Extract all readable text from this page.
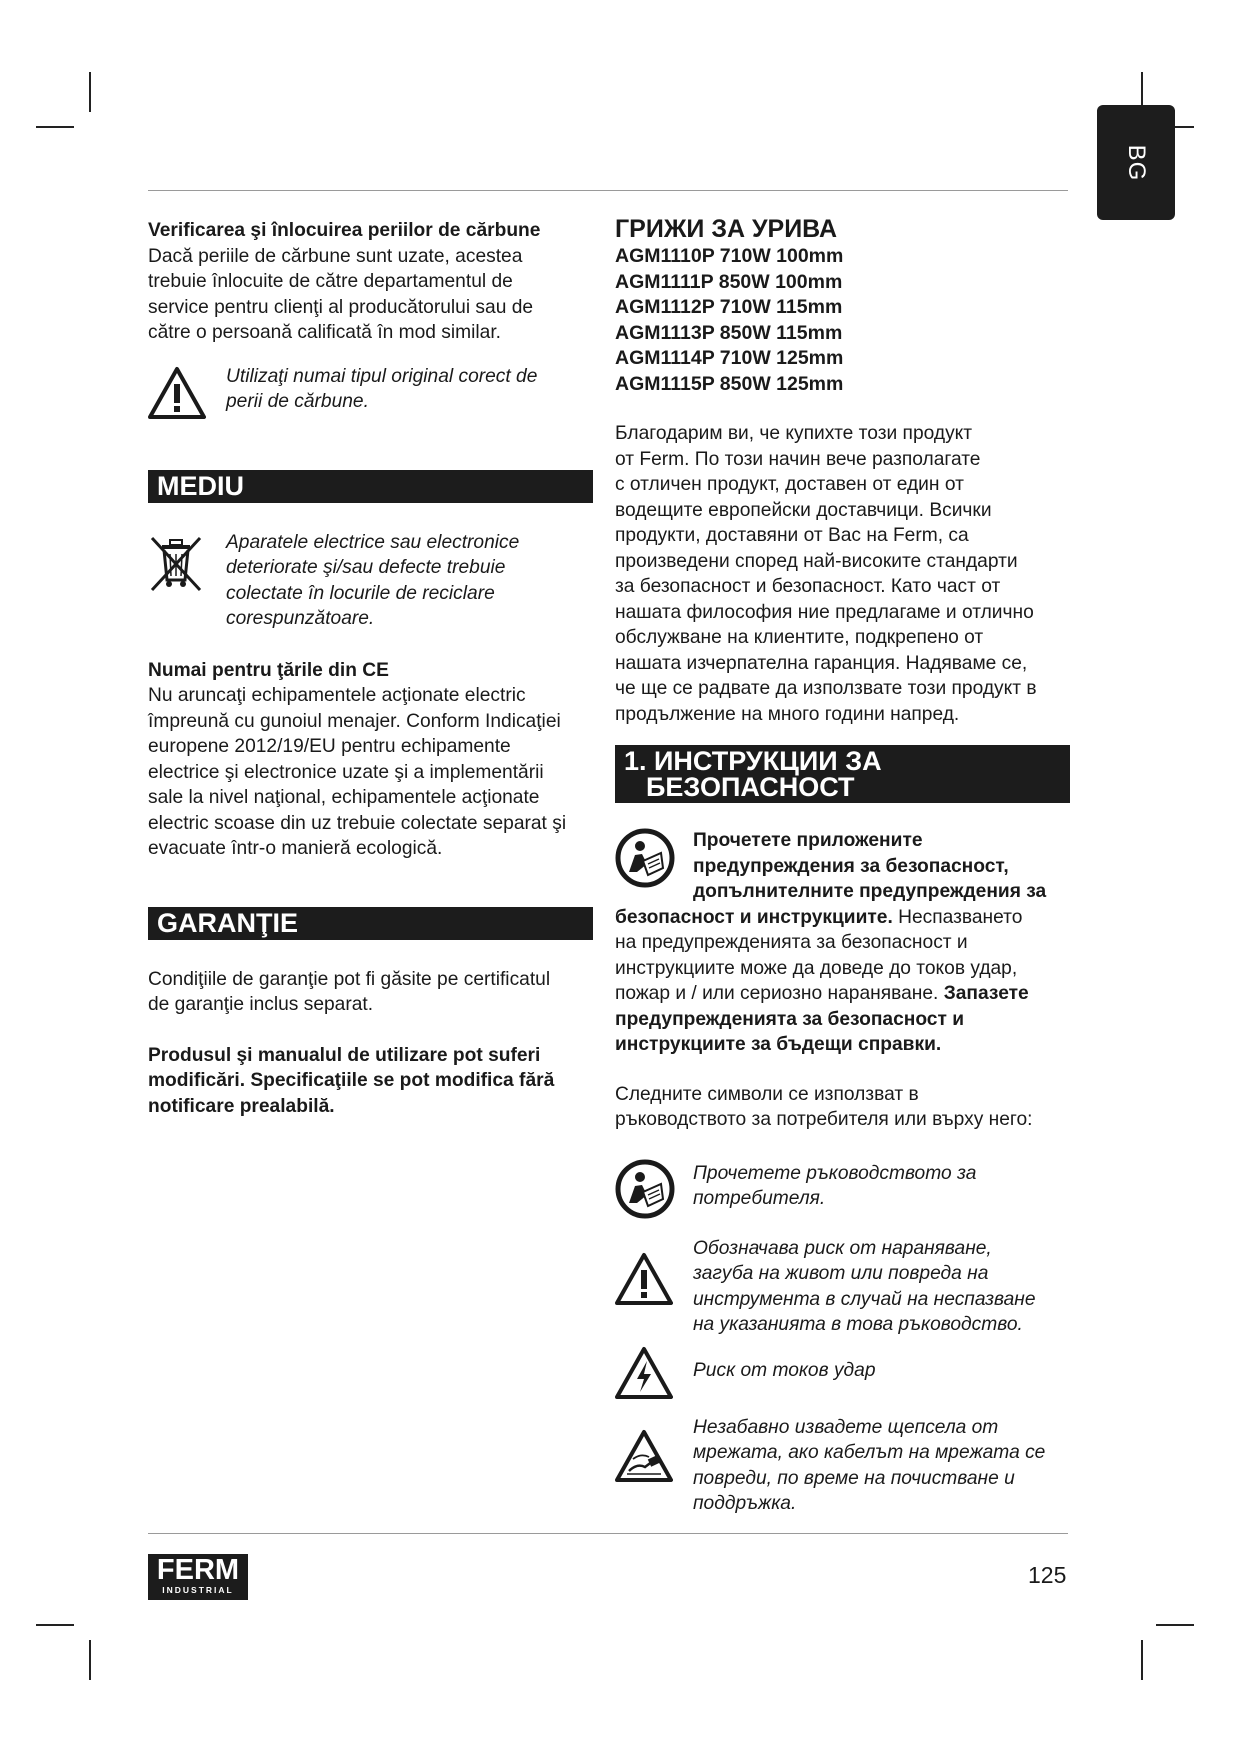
BG

Verificarea şi înlocuirea periilor de cărbune

Dacă periile de cărbune sunt uzate, acestea

trebuie înlocuite de către departamentul de

service pentru clienţi al producătorului sau de

către o persoană calificată în mod similar.

Utilizaţi numai tipul original corect de

perii de cărbune.

MEDIU

Aparatele electrice sau electronice

deteriorate şi/sau defecte trebuie

colectate în locurile de reciclare

corespunzătoare.

Numai pentru ţările din CE

Nu aruncaţi echipamentele acţionate electric

împreună cu gunoiul menajer. Conform Indicaţiei

europene 2012/19/EU pentru echipamente

electrice şi electronice uzate şi a implementării

sale la nivel naţional, echipamentele acţionate

electric scoase din uz trebuie colectate separat şi

evacuate într-o manieră ecologică.

GARANŢIE

Condiţiile de garanţie pot fi găsite pe certificatul

de garanţie inclus separat.

Produsul şi manualul de utilizare pot suferi

modificări. Specificaţiile se pot modifica fără

notificare prealabilă.

ГРИЖИ ЗА УРИВА

AGM1110P 710W 100mm

AGM1111P 850W 100mm

AGM1112P 710W 115mm

AGM1113P 850W 115mm

AGM1114P 710W 125mm

AGM1115P 850W 125mm

Благодарим ви, че купихте този продукт

от Ferm. По този начин вече разполагате

с отличен продукт, доставен от един от

водещите европейски доставчици. Всички

продукти, доставяни от Вас на Ferm, са

произведени според най-високите стандарти

за безопасност и безопасност. Като част от

нашата философия ние предлагаме и отлично

обслужване на клиентите, подкрепено от

нашата изчерпателна гаранция. Надяваме се,

че ще се радвате да използвате този продукт в

продължение на много години напред.

1. ИНСТРУКЦИИ ЗА
БЕЗОПАСНОСТ

Прочетете приложените

предупреждения за безопасност,

допълнителните предупреждения за

безопасност и инструкциите. Неспазването

на предупрежденията за безопасност и

инструкциите може да доведе до токов удар,

пожар и / или сериозно нараняване. Запазете

предупрежденията за безопасност и

инструкциите за бъдещи справки.

Следните символи се използват в

ръководството за потребителя или върху него:

Прочетете ръководството за

потребителя.

Обозначава риск от нараняване,

загуба на живот или повреда на

инструмента в случай на неспазване

на указанията в това ръководство.

Риск от токов удар

Незабавно извадете щепсела от

мрежата, ако кабелът на мрежата се

повреди, по време на почистване и

поддръжка.

FERM
INDUSTRIAL
125
